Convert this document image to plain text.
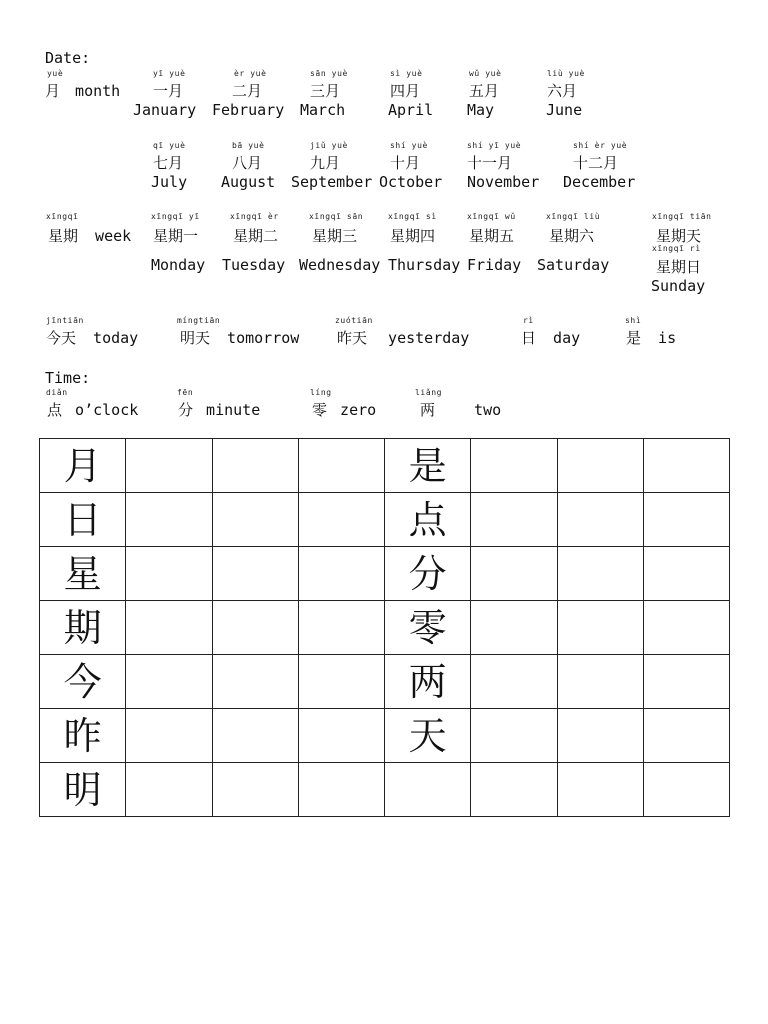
Date:
yuè
月 month
yī yuè
一月
January
èr yuè
二月
February
sān yuè
三月
March
sì yuè
四月
April
wǔ yuè
五月
May
liù yuè
六月
June
qī yuè
七月
July
bā yuè
八月
August
jiǔ yuè
九月
September
shí yuè
十月
October
shí yī yuè
十一月
November
shí èr yuè
十二月
December
xīngqī
星期 week
xīngqī yī
星期一
Monday
xīngqī èr
星期二
Tuesday
xīngqī sān
星期三
Wednesday
xīngqī sì
星期四
Thursday
xīngqī wǔ
星期五
Friday
xīngqī liù
星期六
Saturday
xīngqī tiān
星期天
xīngqī rì
星期日
Sunday
jīntiān
今天 today
míngtiān
明天 tomorrow
zuótiān
昨天 yesterday
rì
日 day
shì
是 is
Time:
diǎn
点 o’clock
fēn
分 minute
líng
零 zero
liǎng
两	two
月				是			
日				点			
星				分			
期				零			
今				两			
昨				天			
明							
